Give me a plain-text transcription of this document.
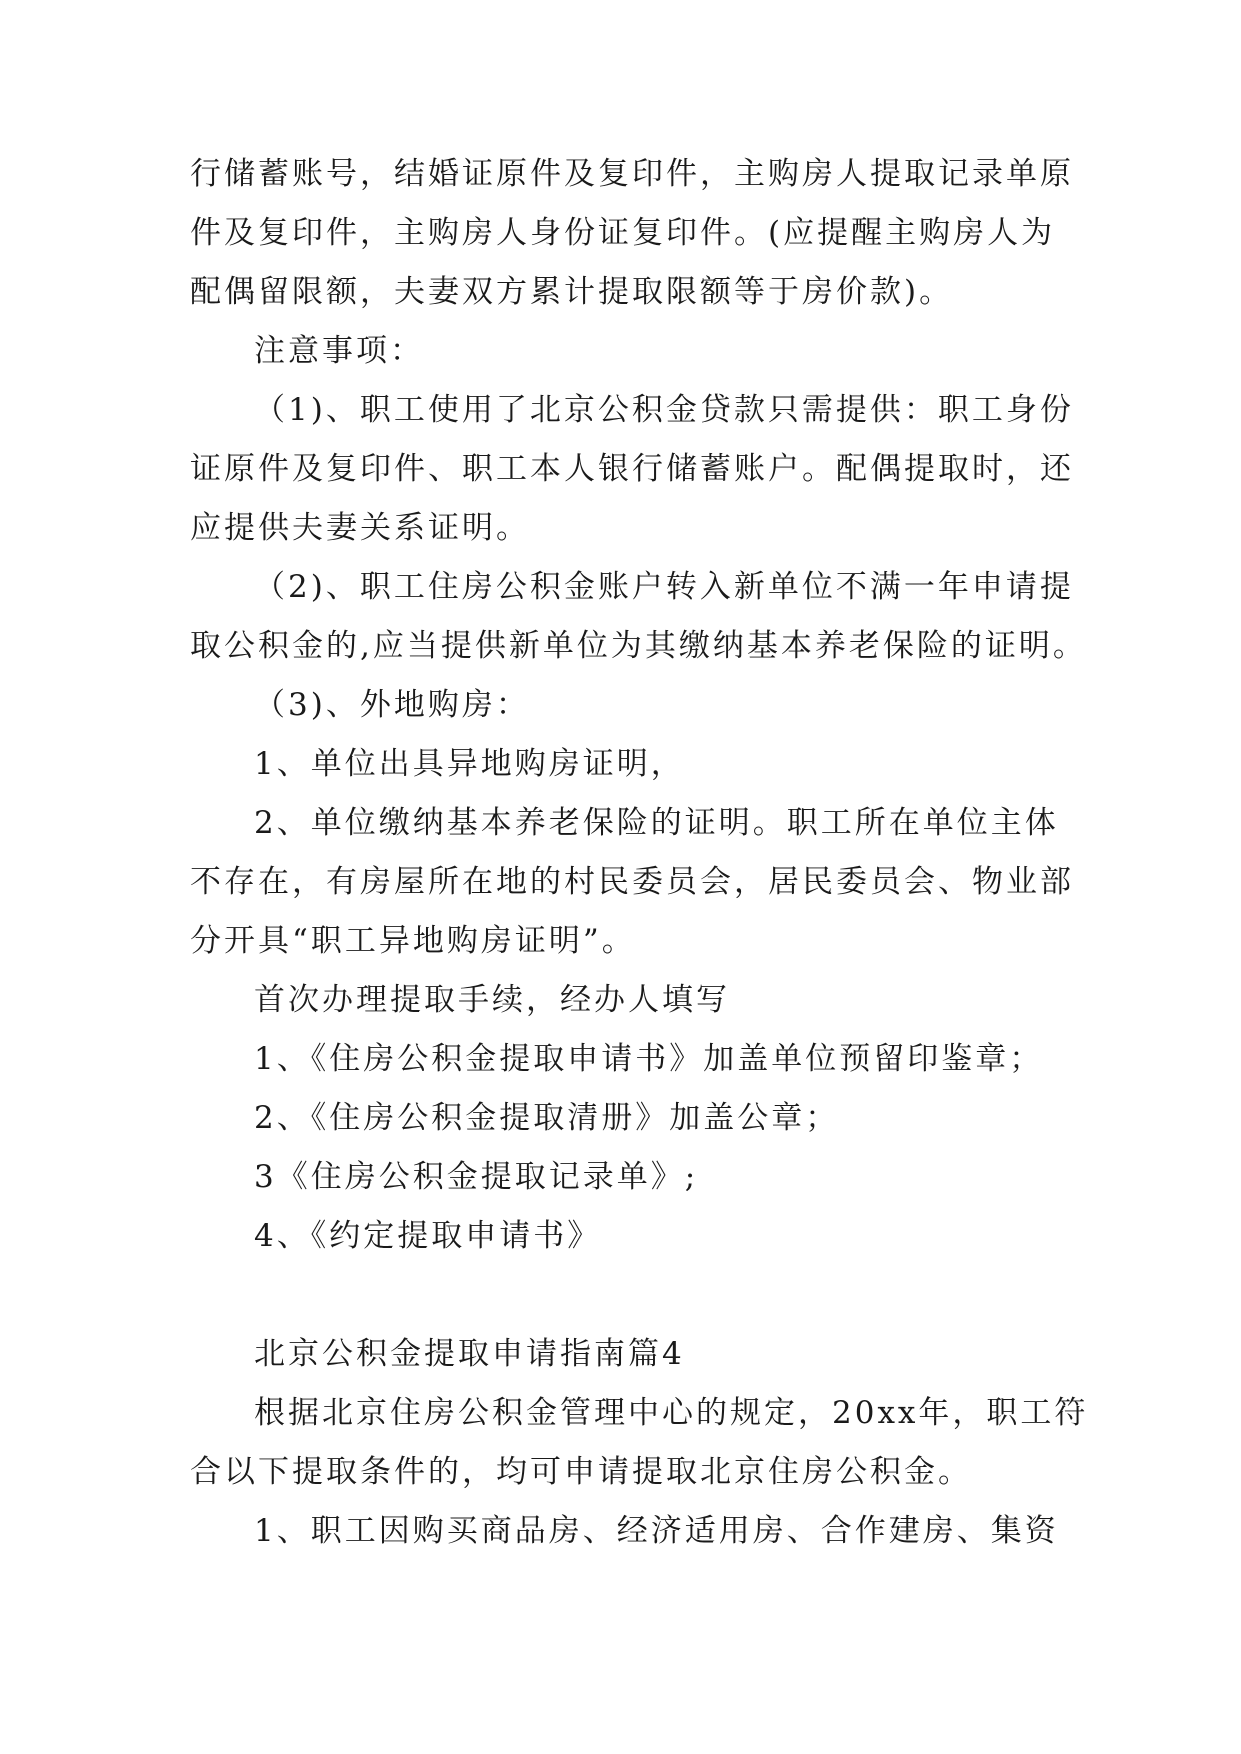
行储蓄账号，结婚证原件及复印件，主购房人提取记录单原
件及复印件，主购房人身份证复印件。(应提醒主购房人为
配偶留限额，夫妻双方累计提取限额等于房价款)。
注意事项：
（1)、职工使用了北京公积金贷款只需提供：职工身份
证原件及复印件、职工本人银行储蓄账户。配偶提取时，还
应提供夫妻关系证明。
（2)、职工住房公积金账户转入新单位不满一年申请提
取公积金的,应当提供新单位为其缴纳基本养老保险的证明。
（3)、外地购房：
1、单位出具异地购房证明，
2、单位缴纳基本养老保险的证明。职工所在单位主体
不存在，有房屋所在地的村民委员会，居民委员会、物业部
分开具“职工异地购房证明”。
首次办理提取手续，经办人填写
1、《住房公积金提取申请书》加盖单位预留印鉴章；
2、《住房公积金提取清册》加盖公章；
3《住房公积金提取记录单》;
4、《约定提取申请书》
北京公积金提取申请指南篇4
根据北京住房公积金管理中心的规定，20xx年，职工符
合以下提取条件的，均可申请提取北京住房公积金。
1、职工因购买商品房、经济适用房、合作建房、集资
